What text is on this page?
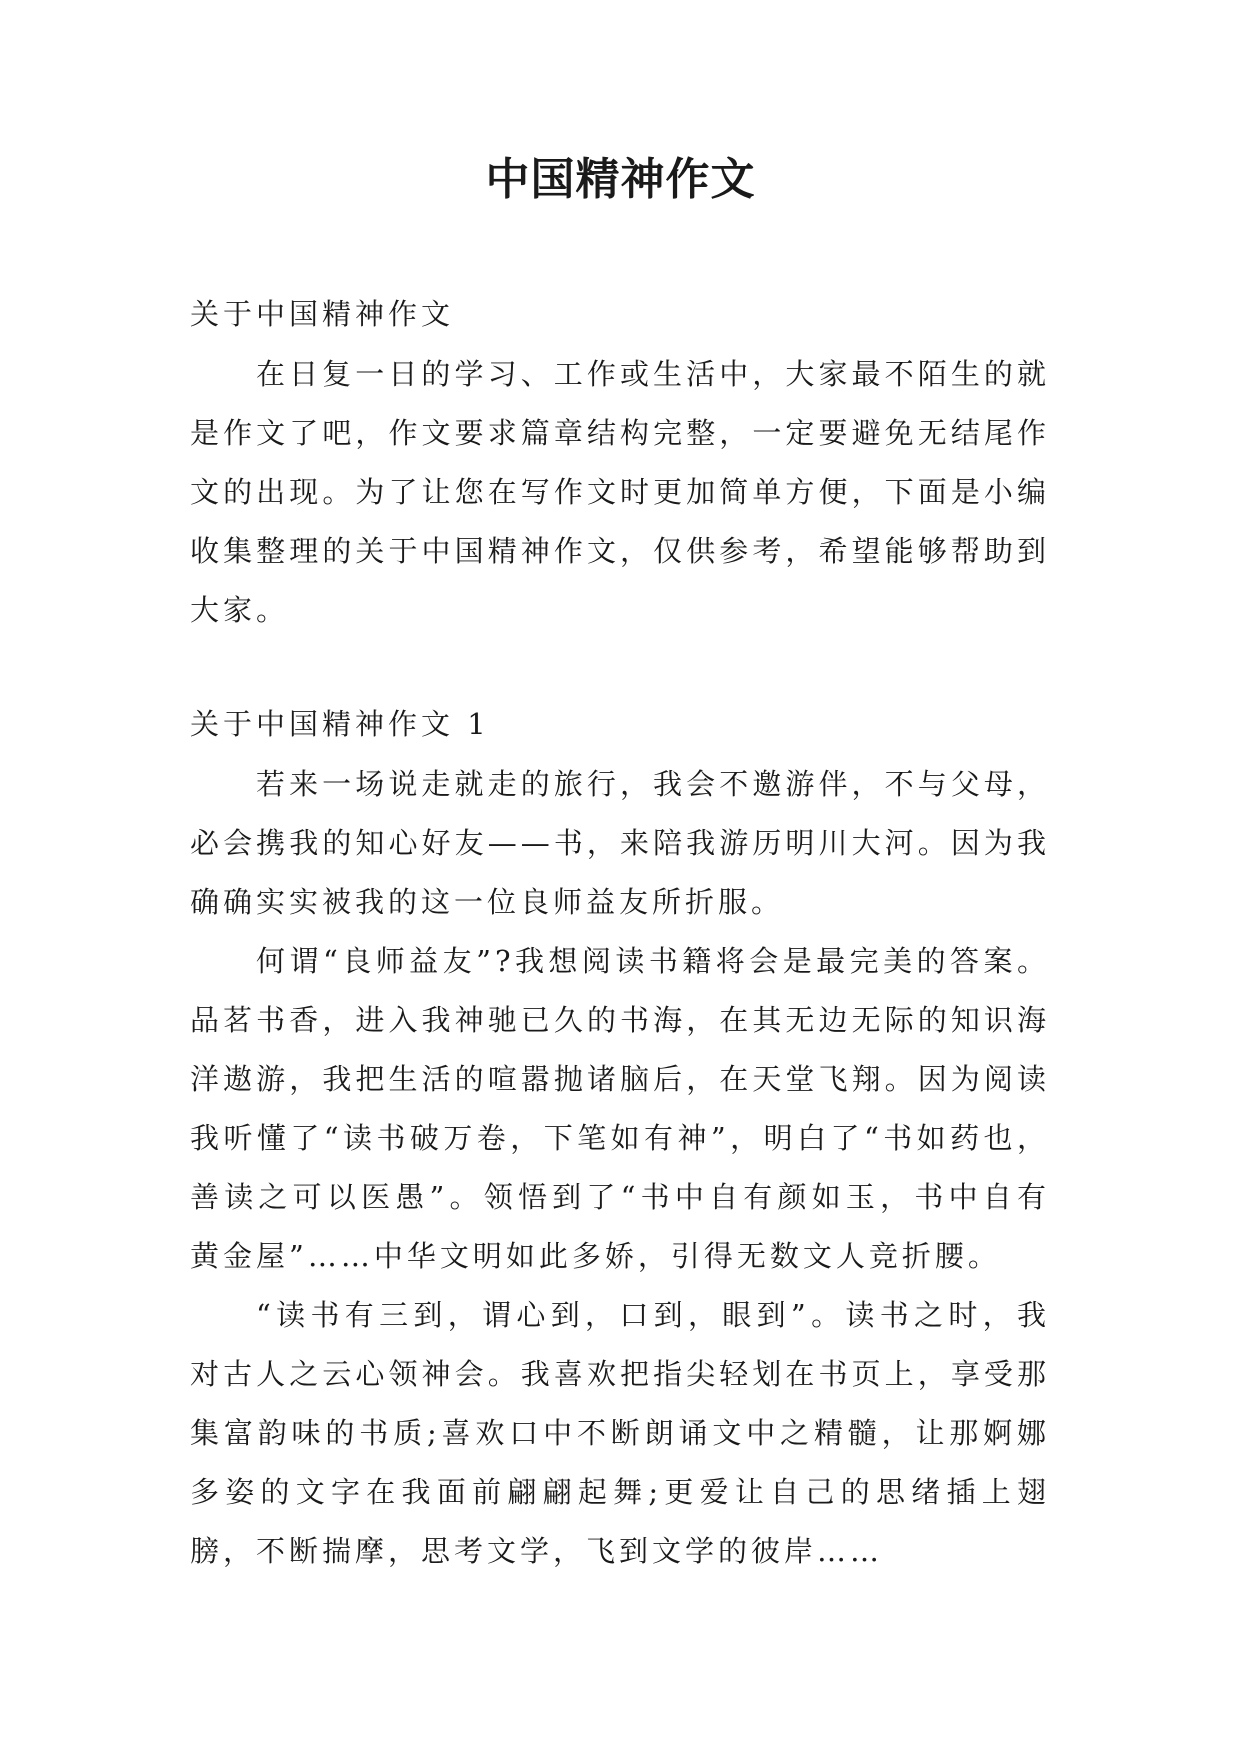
中国精神作文
关于中国精神作文

在日复一日的学习、工作或生活中，大家最不陌生的就是作文了吧，作文要求篇章结构完整，一定要避免无结尾作文的出现。为了让您在写作文时更加简单方便，下面是小编收集整理的关于中国精神作文，仅供参考，希望能够帮助到大家。

关于中国精神作文 1

若来一场说走就走的旅行，我会不邀游伴，不与父母，必会携我的知心好友——书，来陪我游历明川大河。因为我确确实实被我的这一位良师益友所折服。

何谓“良师益友”?我想阅读书籍将会是最完美的答案。品茗书香，进入我神驰已久的书海，在其无边无际的知识海洋遨游，我把生活的喧嚣抛诸脑后，在天堂飞翔。因为阅读我听懂了“读书破万卷，下笔如有神”，明白了“书如药也，善读之可以医愚”。领悟到了“书中自有颜如玉，书中自有黄金屋”……中华文明如此多娇，引得无数文人竞折腰。

“读书有三到，谓心到，口到，眼到”。读书之时，我对古人之云心领神会。我喜欢把指尖轻划在书页上，享受那集富韵味的书质;喜欢口中不断朗诵文中之精髓，让那婀娜多姿的文字在我面前翩翩起舞;更爱让自己的思绪插上翅膀，不断揣摩，思考文学，飞到文学的彼岸……
